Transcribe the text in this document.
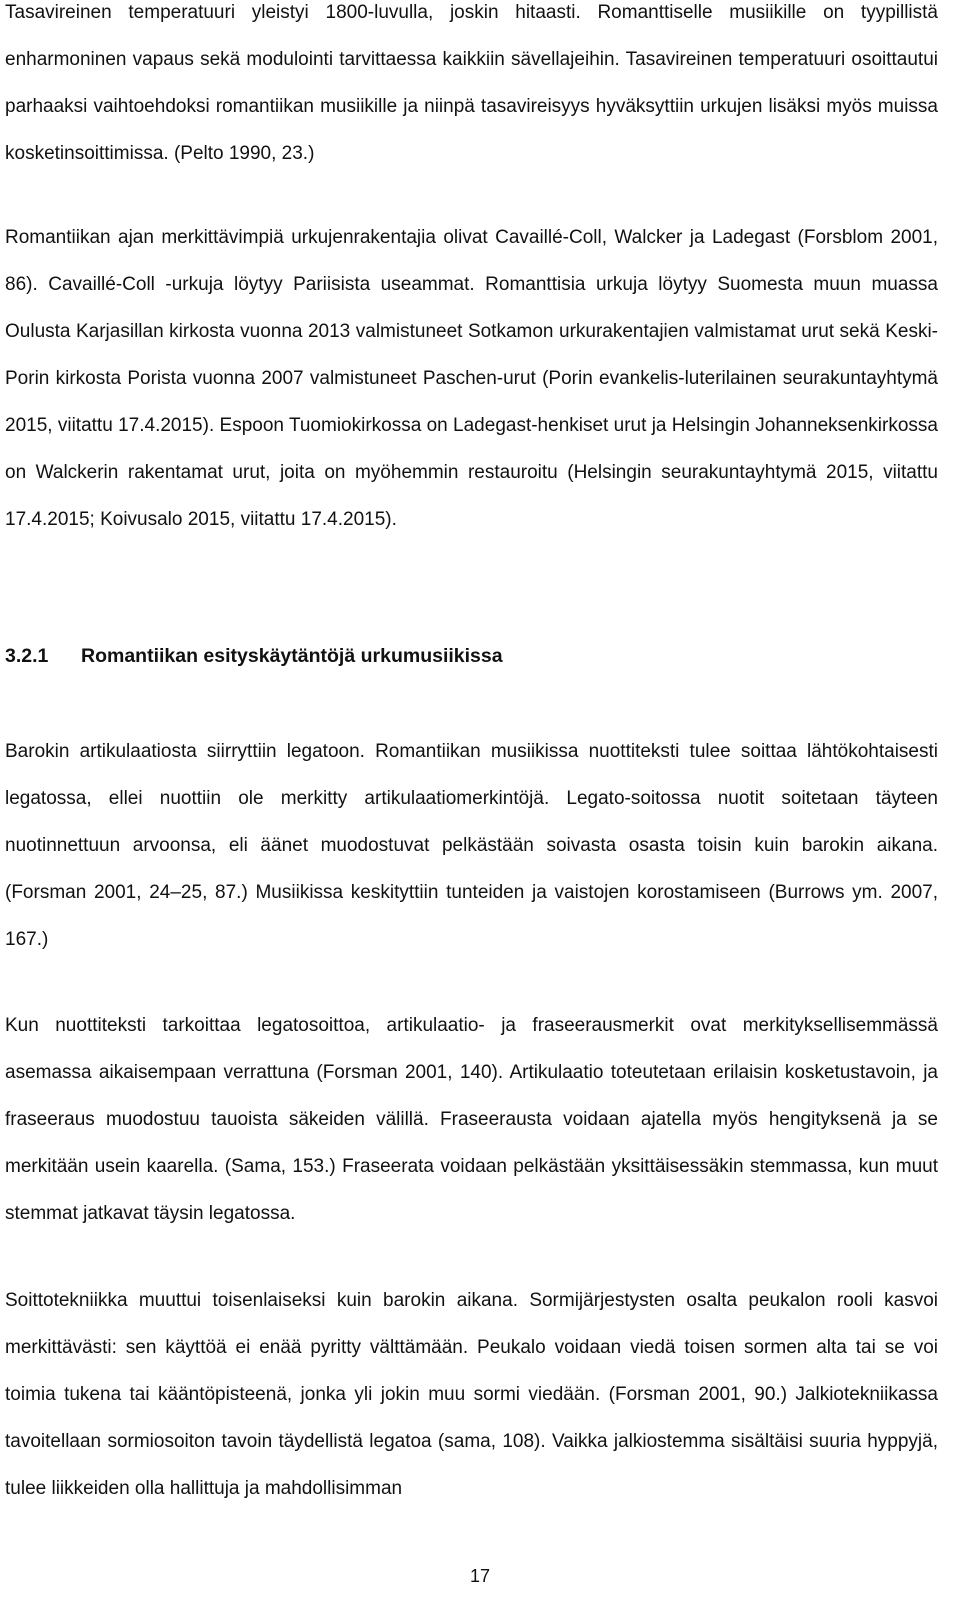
Tasavireinen temperatuuri yleistyi 1800-luvulla, joskin hitaasti. Romanttiselle musiikille on tyypillistä enharmoninen vapaus sekä modulointi tarvittaessa kaikkiin sävellajeihin. Tasavireinen temperatuuri osoittautui parhaaksi vaihtoehdoksi romantiikan musiikille ja niinpä tasavireisyys hyväksyttiin urkujen lisäksi myös muissa kosketinsoittimissa. (Pelto 1990, 23.)

Romantiikan ajan merkittävimpiä urkujenrakentajia olivat Cavaillé-Coll, Walcker ja Ladegast (Forsblom 2001, 86). Cavaillé-Coll -urkuja löytyy Pariisista useammat. Romanttisia urkuja löytyy Suomesta muun muassa Oulusta Karjasillan kirkosta vuonna 2013 valmistuneet Sotkamon urkurakentajien valmistamat urut sekä Keski-Porin kirkosta Porista vuonna 2007 valmistuneet Paschen-urut (Porin evankelis-luterilainen seurakuntayhtymä 2015, viitattu 17.4.2015). Espoon Tuomiokirkossa on Ladegast-henkiset urut ja Helsingin Johanneksenkirkossa on Walckerin rakentamat urut, joita on myöhemmin restauroitu (Helsingin seurakuntayhtymä 2015, viitattu 17.4.2015; Koivusalo 2015, viitattu 17.4.2015).

3.2.1 Romantiikan esityskäytäntöjä urkumusiikissa

Barokin artikulaatiosta siirryttiin legatoon. Romantiikan musiikissa nuottiteksti tulee soittaa lähtökohtaisesti legatossa, ellei nuottiin ole merkitty artikulaatiomerkintöjä. Legato-soitossa nuotit soitetaan täyteen nuotinnettuun arvoonsa, eli äänet muodostuvat pelkästään soivasta osasta toisin kuin barokin aikana. (Forsman 2001, 24–25, 87.) Musiikissa keskityttiin tunteiden ja vaistojen korostamiseen (Burrows ym. 2007, 167.)

Kun nuottiteksti tarkoittaa legatosoittoa, artikulaatio- ja fraseerausmerkit ovat merkityksellisemmässä asemassa aikaisempaan verrattuna (Forsman 2001, 140). Artikulaatio toteutetaan erilaisin kosketustavoin, ja fraseeraus muodostuu tauoista säkeiden välillä. Fraseerausta voidaan ajatella myös hengityksenä ja se merkitään usein kaarella. (Sama, 153.) Fraseerata voidaan pelkästään yksittäisessäkin stemmassa, kun muut stemmat jatkavat täysin legatossa.

Soittotekniikka muuttui toisenlaiseksi kuin barokin aikana. Sormijärjestysten osalta peukalon rooli kasvoi merkittävästi: sen käyttöä ei enää pyritty välttämään. Peukalo voidaan viedä toisen sormen alta tai se voi toimia tukena tai kääntöpisteenä, jonka yli jokin muu sormi viedään. (Forsman 2001, 90.) Jalkiotekniikassa tavoitellaan sormiosoiton tavoin täydellistä legatoa (sama, 108). Vaikka jalkiostemma sisältäisi suuria hyppyjä, tulee liikkeiden olla hallittuja ja mahdollisimman

17
